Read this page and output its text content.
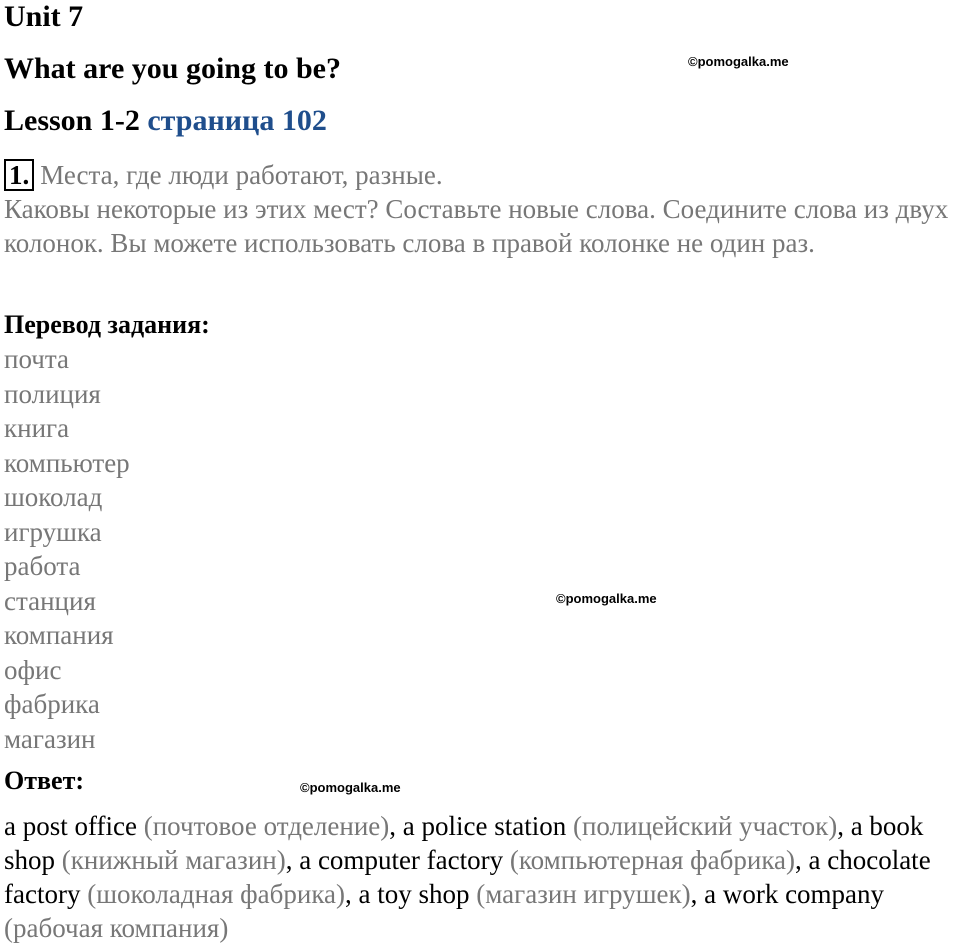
Unit 7
What are you going to be?
Lesson 1-2 страница 102
1. Места, где люди работают, разные.
Каковы некоторые из этих мест? Составьте новые слова. Соедините слова из двух колонок. Вы можете использовать слова в правой колонке не один раз.
Перевод задания:
почта
полиция
книга
компьютер
шоколад
игрушка
работа
станция
компания
офис
фабрика
магазин
Ответ:
a post office (почтовое отделение), a police station (полицейский участок), a book shop (книжный магазин), a computer factory (компьютерная фабрика), a chocolate factory (шоколадная фабрика), a toy shop (магазин игрушек), a work company  (рабочая компания)
©pomogalka.me
©pomogalka.me
©pomogalka.me
